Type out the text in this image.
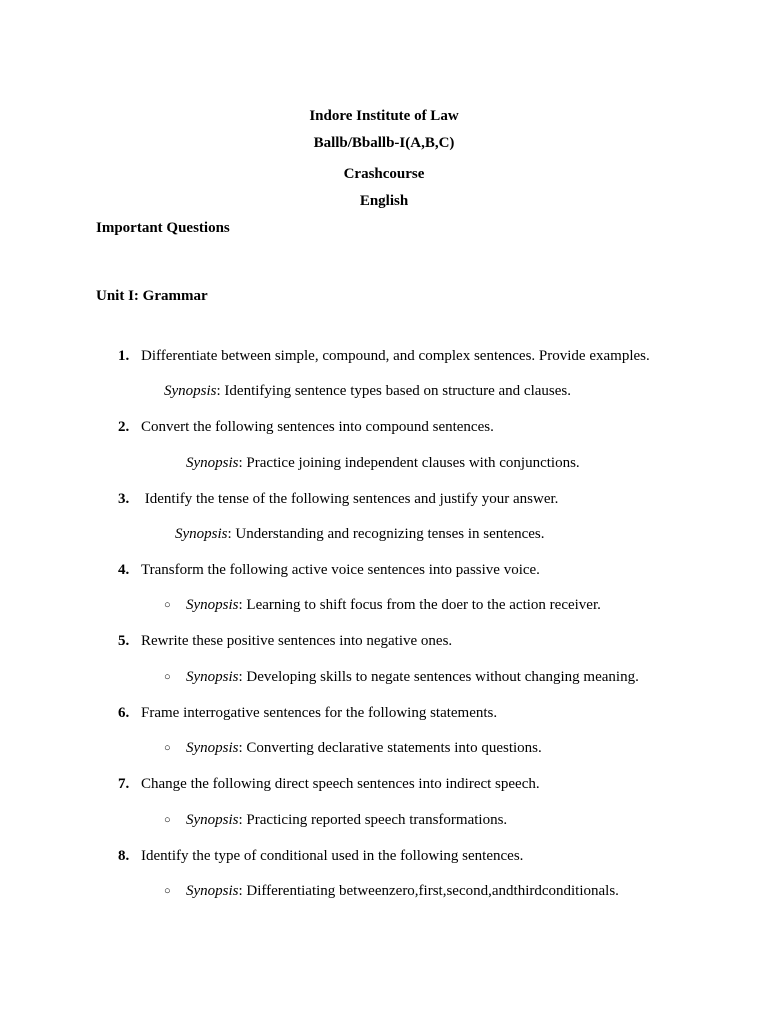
Indore Institute of Law
Ballb/Bballb-I(A,B,C)
Crashcourse
English
Important Questions
Unit I: Grammar
1. Differentiate between simple, compound, and complex sentences. Provide examples.
Synopsis: Identifying sentence types based on structure and clauses.
2. Convert the following sentences into compound sentences.
Synopsis: Practice joining independent clauses with conjunctions.
3. Identify the tense of the following sentences and justify your answer.
Synopsis: Understanding and recognizing tenses in sentences.
4. Transform the following active voice sentences into passive voice.
○ Synopsis: Learning to shift focus from the doer to the action receiver.
5. Rewrite these positive sentences into negative ones.
○ Synopsis: Developing skills to negate sentences without changing meaning.
6. Frame interrogative sentences for the following statements.
○ Synopsis: Converting declarative statements into questions.
7. Change the following direct speech sentences into indirect speech.
○ Synopsis: Practicing reported speech transformations.
8. Identify the type of conditional used in the following sentences.
○ Synopsis: Differentiating betweenzero,first,second,andthirdconditionals.
